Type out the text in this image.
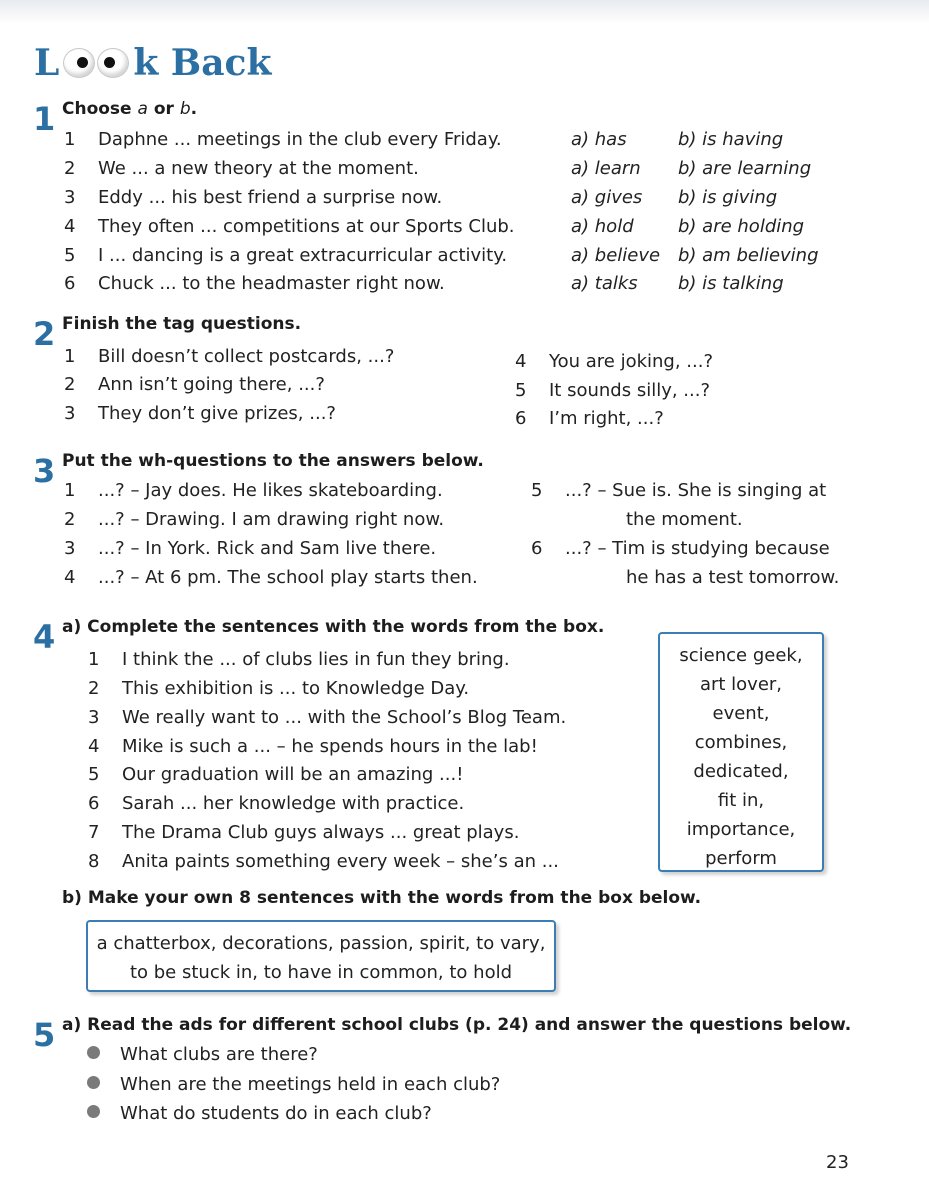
L k Back
1 Choose a or b.
1 Daphne ... meetings in the club every Friday.	a) has	b) is having
2 We ... a new theory at the moment.	a) learn b) are learning
3 Eddy ... his best friend a surprise now.	a) gives b) is giving
4 They often ... competitions at our Sports Club.	a) hold b) are holding
5 I ... dancing is a great extracurricular activity.	a) believe b) am believing
6 Chuck ... to the headmaster right now.	a) talks b) is talking
2 Finish the tag questions.
1 Bill doesn’t collect postcards, ...?
2 Ann isn’t going there, ...?
3 They don’t give prizes, ...?
4 You are joking, ...?
5 It sounds silly, ...?
6 I’m right, ...?
3 Put the wh-questions to the answers below.
1 ...? – Jay does. He likes skateboarding.
2 ...? – Drawing. I am drawing right now.
3 ...? – In York. Rick and Sam live there.
4 ...? – At 6 pm. The school play starts then.
5 ...? – Sue is. She is singing at
the moment.
6 ...? – Tim is studying because
he has a test tomorrow.
4 a) Complete the sentences with the words from the box.
1 I think the ... of clubs lies in fun they bring.
2 This exhibition is ... to Knowledge Day.
3 We really want to ... with the School’s Blog Team.
4 Mike is such a ... – he spends hours in the lab!
5 Our graduation will be an amazing ...!
6 Sarah ... her knowledge with practice.
7 The Drama Club guys always ... great plays.
8 Anita paints something every week – she’s an ...
science geek,
art lover,
event,
combines,
dedicated,
fit in,
importance,
perform
b) Make your own 8 sentences with the words from the box below.
a chatterbox, decorations, passion, spirit, to vary,
to be stuck in, to have in common, to hold
5 a) Read the ads for different school clubs (p. 24) and answer the questions below.
What clubs are there?
When are the meetings held in each club?
What do students do in each club?
23
